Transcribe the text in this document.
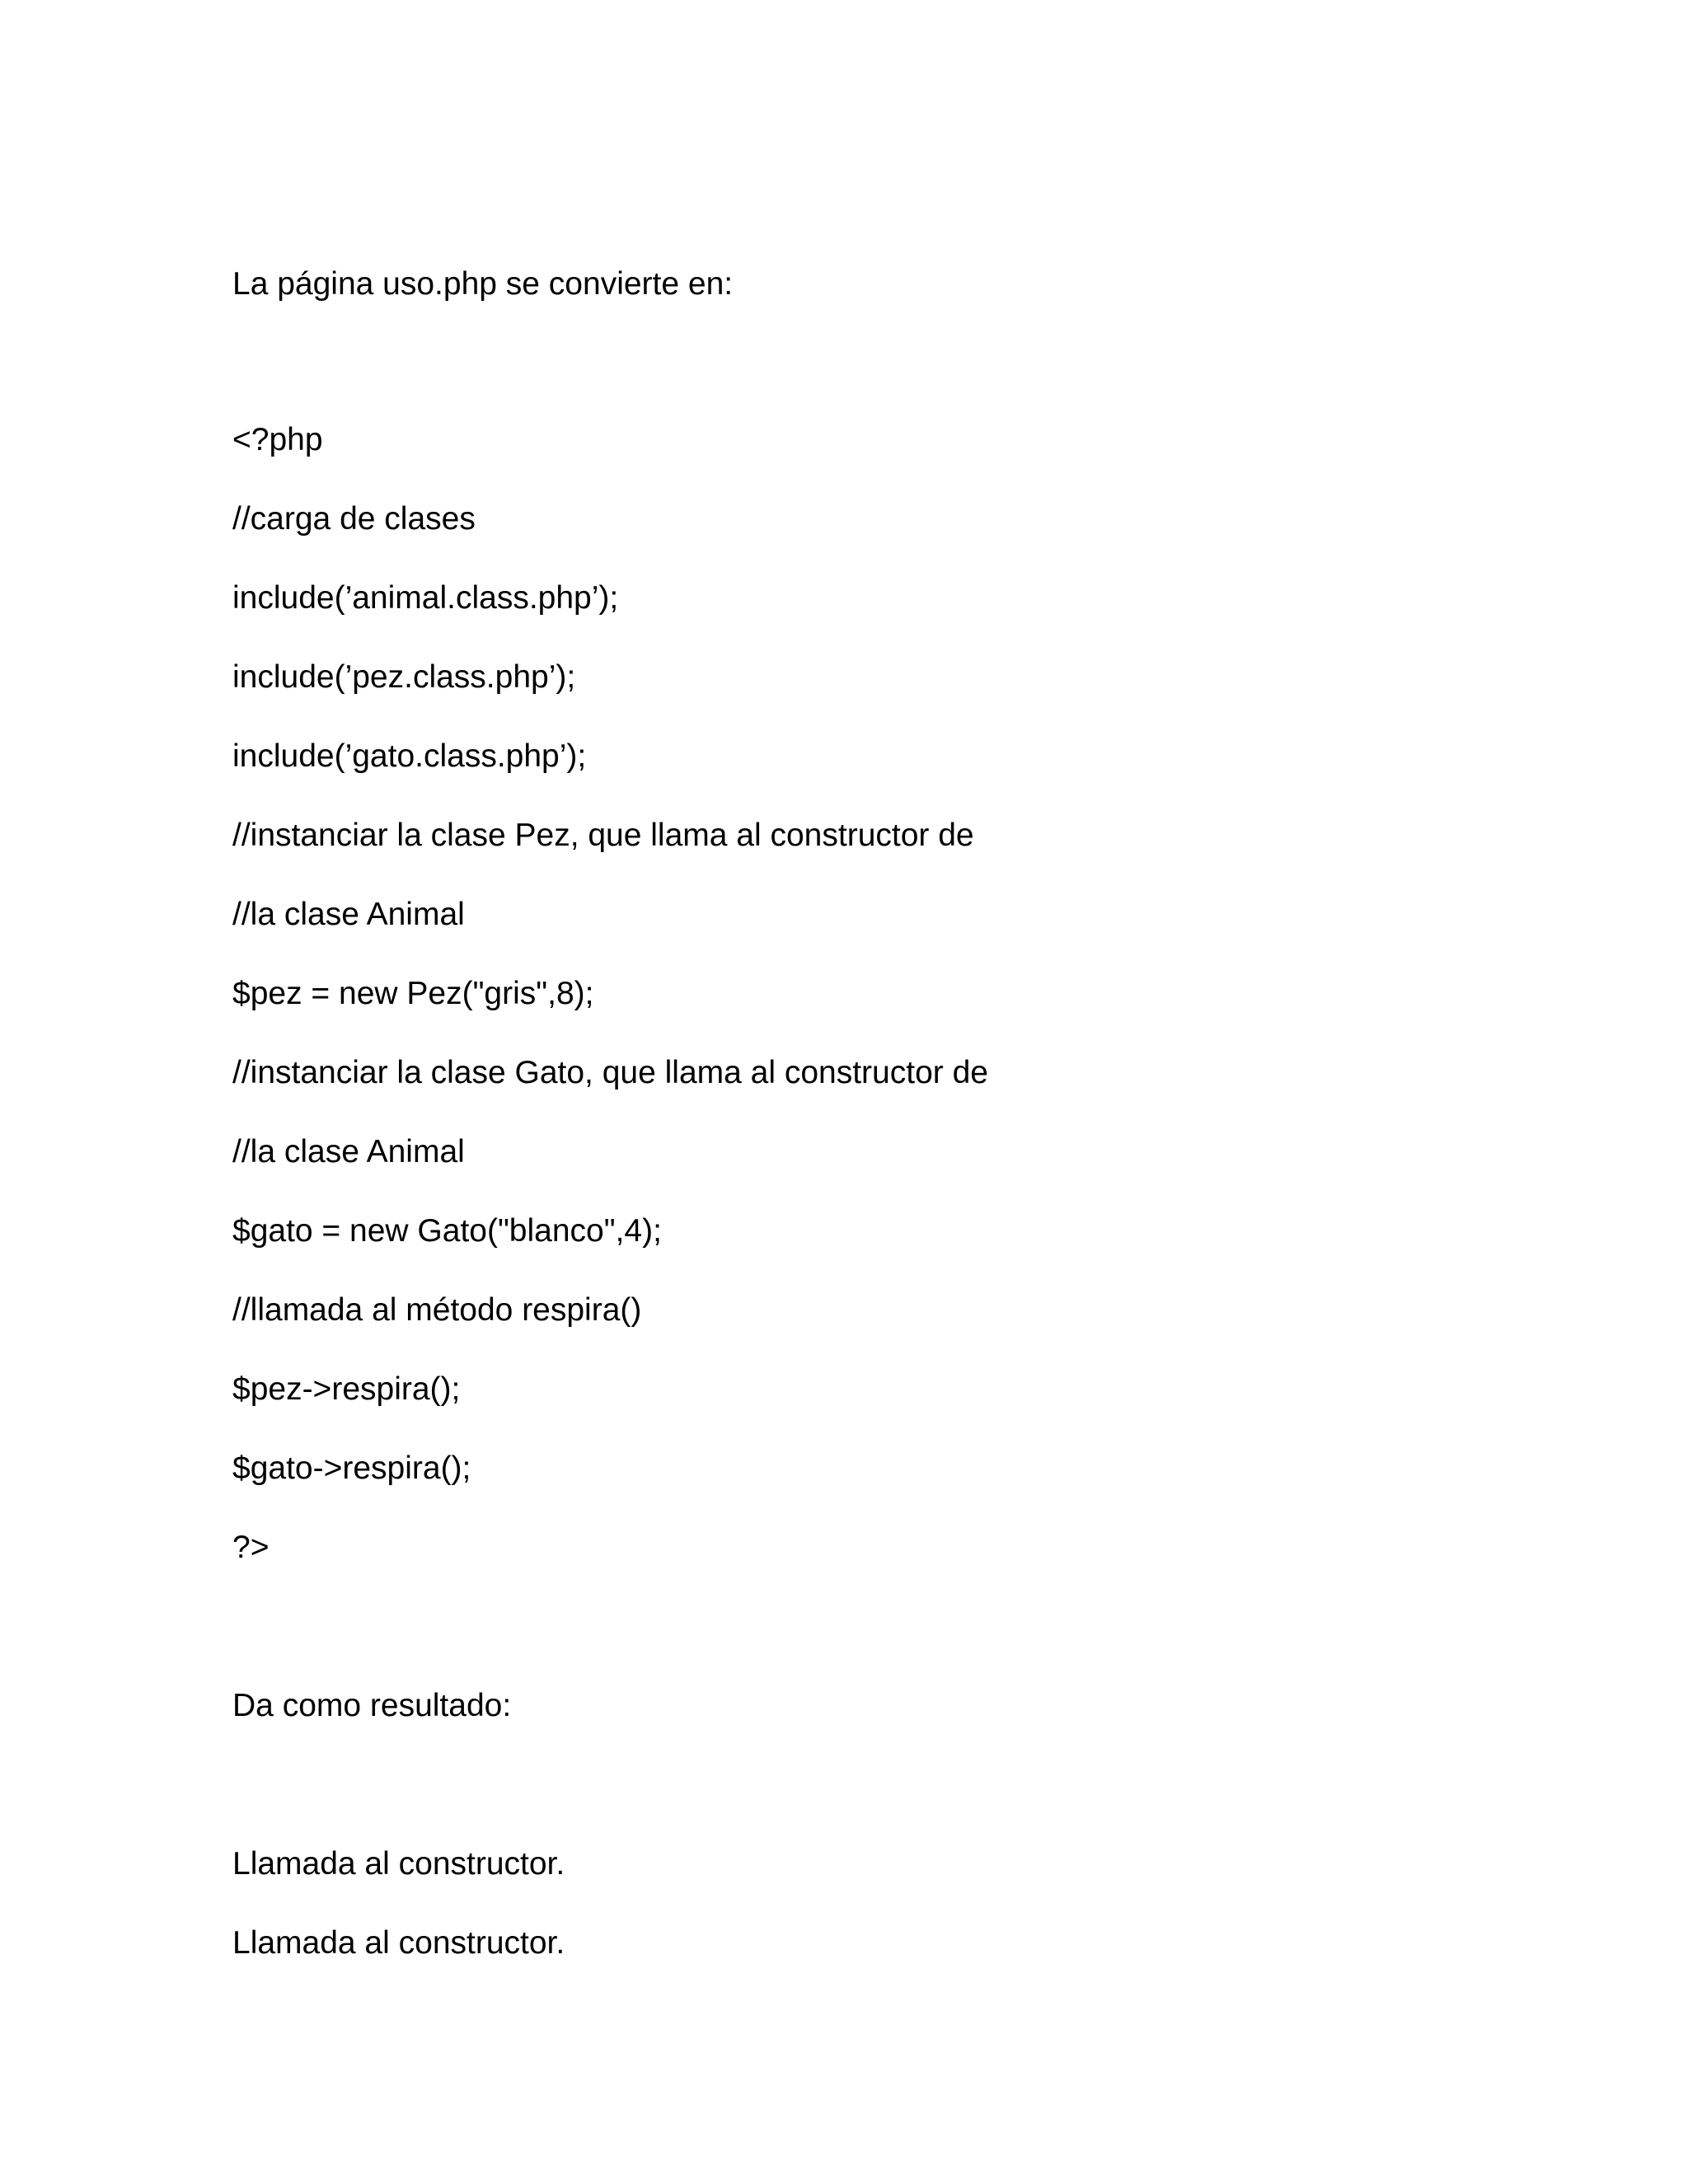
La página uso.php se convierte en:

<?php

//carga de clases

include(’animal.class.php’);

include(’pez.class.php’);

include(’gato.class.php’);

//instanciar la clase Pez, que llama al constructor de

//la clase Animal

$pez = new Pez("gris",8);

//instanciar la clase Gato, que llama al constructor de

//la clase Animal

$gato = new Gato("blanco",4);

//llamada al método respira()

$pez->respira();

$gato->respira();

?>

Da como resultado:

Llamada al constructor.

Llamada al constructor.
